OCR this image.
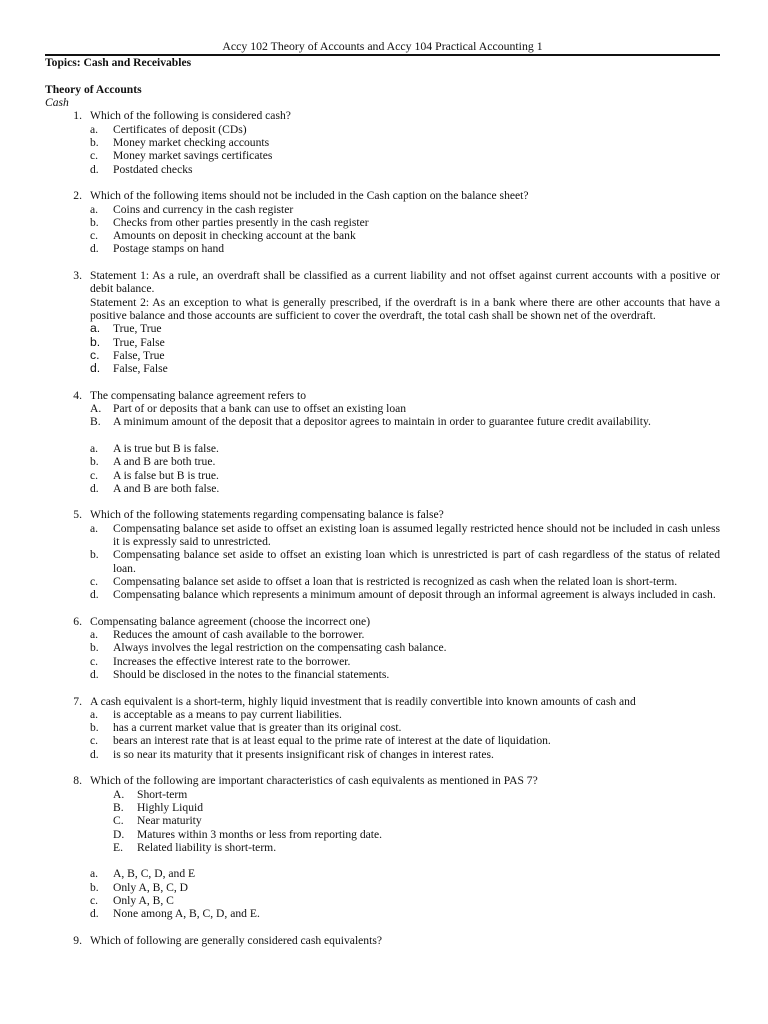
Accy 102 Theory of Accounts and Accy 104 Practical Accounting 1
Topics: Cash and Receivables
Theory of Accounts
Cash
1. Which of the following is considered cash?
a.	Certificates of deposit (CDs)
b.	Money market checking accounts
c.	Money market savings certificates
d.	Postdated checks
2. Which of the following items should not be included in the Cash caption on the balance sheet?
a.	Coins and currency in the cash register
b.	Checks from other parties presently in the cash register
c.	Amounts on deposit in checking account at the bank
d.	Postage stamps on hand
3. Statement 1: As a rule, an overdraft shall be classified as a current liability and not offset against current accounts with a positive or debit balance.
Statement 2: As an exception to what is generally prescribed, if the overdraft is in a bank where there are other accounts that have a positive balance and those accounts are sufficient to cover the overdraft, the total cash shall be shown net of the overdraft.
a.	True, True
b.	True, False
c.	False, True
d.	False, False
4. The compensating balance agreement refers to
A.	Part of or deposits that a bank can use to offset an existing loan
B.	A minimum amount of the deposit that a depositor agrees to maintain in order to guarantee future credit availability.
a.	A is true but B is false.
b.	A and B are both true.
c.	A is false but B is true.
d.	A and B are both false.
5. Which of the following statements regarding compensating balance is false?
a.	Compensating balance set aside to offset an existing loan is assumed legally restricted hence should not be included in cash unless it is expressly said to unrestricted.
b.	Compensating balance set aside to offset an existing loan which is unrestricted is part of cash regardless of the status of related loan.
c.	Compensating balance set aside to offset a loan that is restricted is recognized as cash when the related loan is short-term.
d.	Compensating balance which represents a minimum amount of deposit through an informal agreement is always included in cash.
6. Compensating balance agreement (choose the incorrect one)
a.	Reduces the amount of cash available to the borrower.
b.	Always involves the legal restriction on the compensating cash balance.
c.	Increases the effective interest rate to the borrower.
d.	Should be disclosed in the notes to the financial statements.
7. A cash equivalent is a short-term, highly liquid investment that is readily convertible into known amounts of cash and
a.	is acceptable as a means to pay current liabilities.
b.	has a current market value that is greater than its original cost.
c.	bears an interest rate that is at least equal to the prime rate of interest at the date of liquidation.
d.	is so near its maturity that it presents insignificant risk of changes in interest rates.
8. Which of the following are important characteristics of cash equivalents as mentioned in PAS 7?
A.	Short-term
B.	Highly Liquid
C.	Near maturity
D.	Matures within 3 months or less from reporting date.
E.	Related liability is short-term.
a.	A, B, C, D, and E
b.	Only A, B, C, D
c.	Only A, B, C
d.	None among A, B, C, D, and E.
9. Which of following are generally considered cash equivalents?
